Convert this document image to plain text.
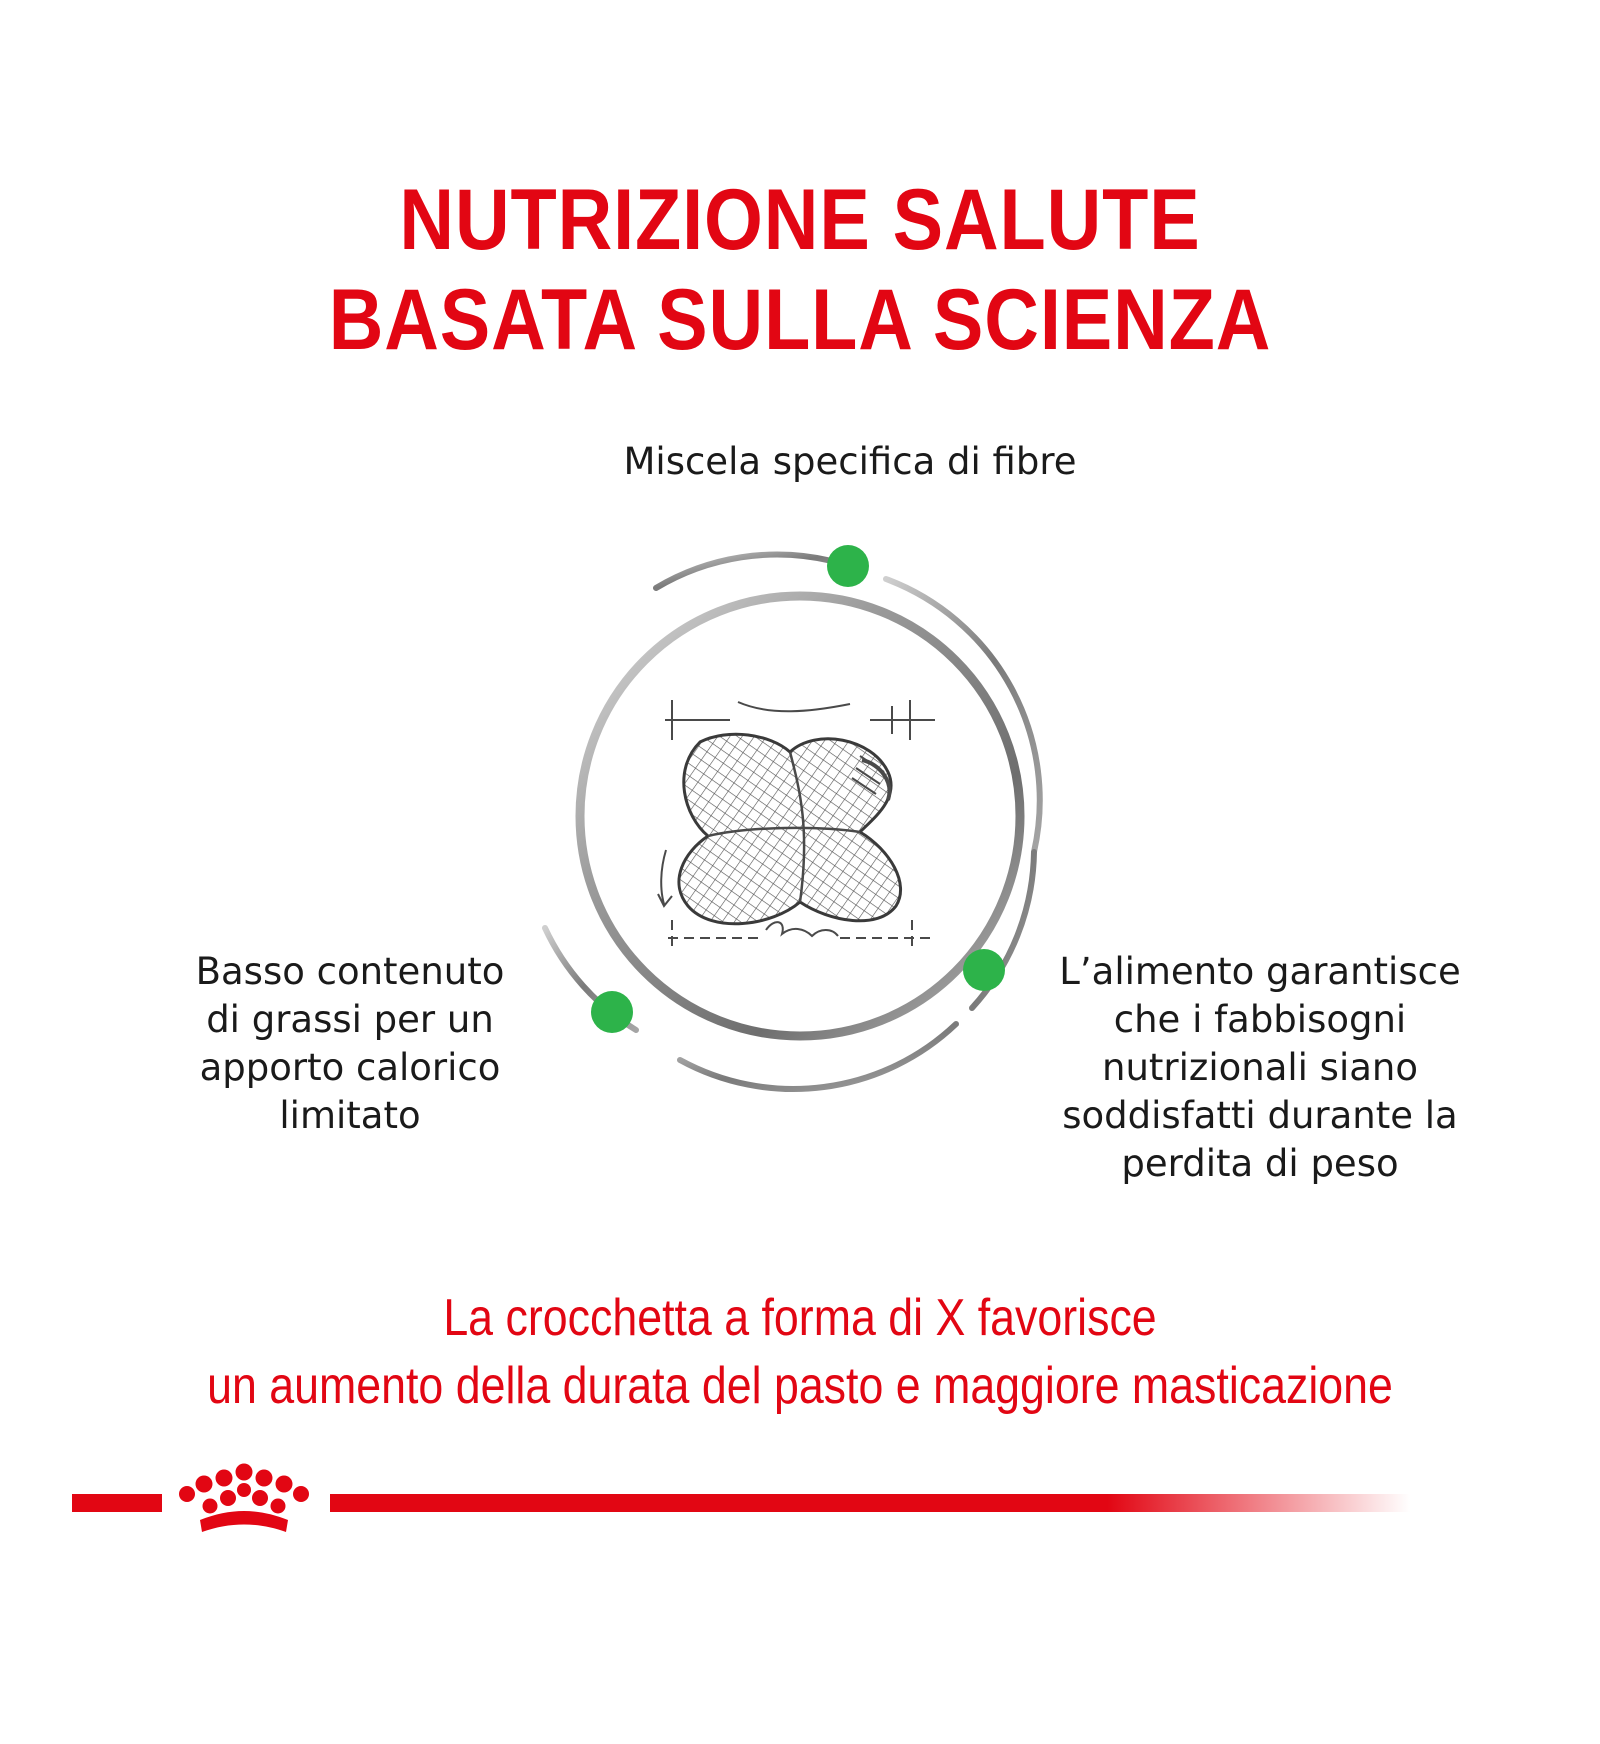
NUTRIZIONE SALUTE
BASATA SULLA SCIENZA
Miscela specifica di fibre
Basso contenuto
di grassi per un
apporto calorico
limitato
L’alimento garantisce
che i fabbisogni
nutrizionali siano
soddisfatti durante la
perdita di peso
La crocchetta a forma di X favorisce
un aumento della durata del pasto e maggiore masticazione
